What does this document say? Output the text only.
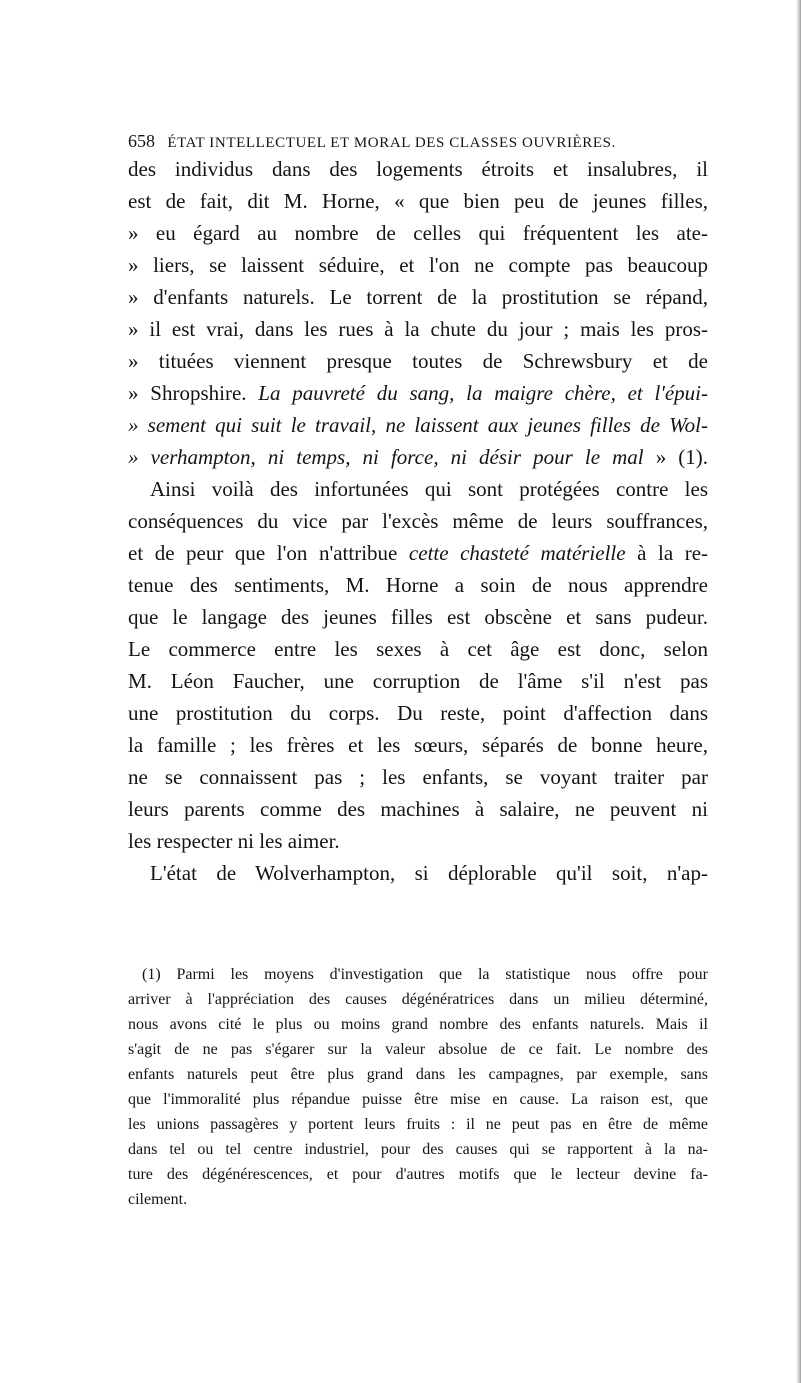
658 ÉTAT INTELLECTUEL ET MORAL DES CLASSES OUVRIÈRES.
des individus dans des logements étroits et insalubres, il
est de fait, dit M. Horne, « que bien peu de jeunes filles,
» eu égard au nombre de celles qui fréquentent les ate-
» liers, se laissent séduire, et l'on ne compte pas beaucoup
» d'enfants naturels. Le torrent de la prostitution se répand,
» il est vrai, dans les rues à la chute du jour ; mais les pros-
» tituées viennent presque toutes de Schrewsbury et de
» Shropshire. La pauvreté du sang, la maigre chère, et l'épui-
» sement qui suit le travail, ne laissent aux jeunes filles de Wol-
» verhampton, ni temps, ni force, ni désir pour le mal » (1).
Ainsi voilà des infortunées qui sont protégées contre les
conséquences du vice par l'excès même de leurs souffrances,
et de peur que l'on n'attribue cette chasteté matérielle à la re-
tenue des sentiments, M. Horne a soin de nous apprendre
que le langage des jeunes filles est obscène et sans pudeur.
Le commerce entre les sexes à cet âge est donc, selon
M. Léon Faucher, une corruption de l'âme s'il n'est pas
une prostitution du corps. Du reste, point d'affection dans
la famille ; les frères et les sœurs, séparés de bonne heure,
ne se connaissent pas ; les enfants, se voyant traiter par
leurs parents comme des machines à salaire, ne peuvent ni
les respecter ni les aimer.
L'état de Wolverhampton, si déplorable qu'il soit, n'ap-
(1) Parmi les moyens d'investigation que la statistique nous offre pour
arriver à l'appréciation des causes dégénératrices dans un milieu déterminé,
nous avons cité le plus ou moins grand nombre des enfants naturels. Mais il
s'agit de ne pas s'égarer sur la valeur absolue de ce fait. Le nombre des
enfants naturels peut être plus grand dans les campagnes, par exemple, sans
que l'immoralité plus répandue puisse être mise en cause. La raison est, que
les unions passagères y portent leurs fruits : il ne peut pas en être de même
dans tel ou tel centre industriel, pour des causes qui se rapportent à la na-
ture des dégénérescences, et pour d'autres motifs que le lecteur devine fa-
cilement.
